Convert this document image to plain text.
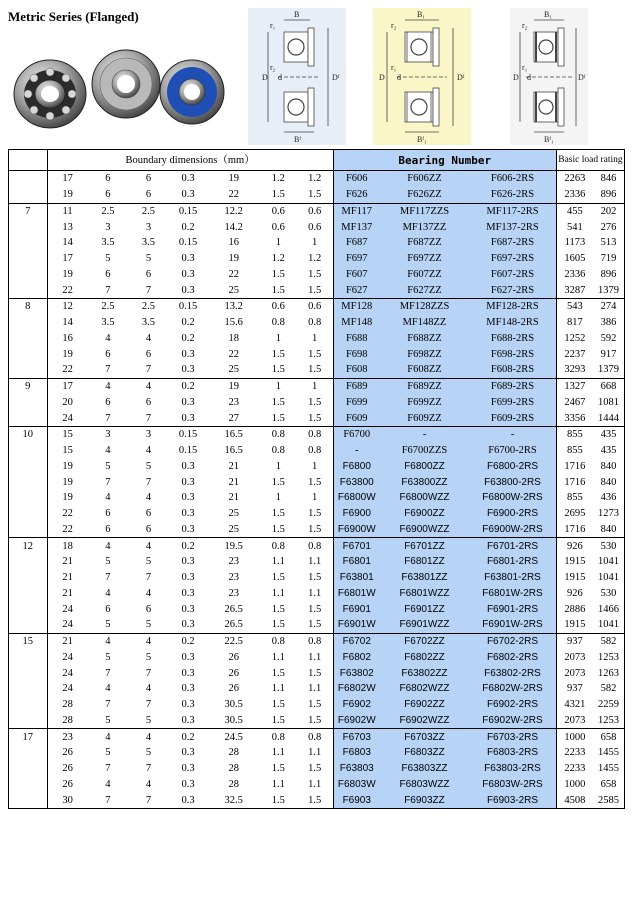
Metric Series (Flanged)	B
r₁
r₂
D d	Dᶠ
Bᶠ
B₁
r₂
r₁
D d	Dᶠ
Bᶠ₁
B₁
r₂
r₁
D d	Dᶠ
Bᶠ₁
	Boundary dimensions（mm）							Bearing Number			Basic load rating	
	17	6	6	0.3	19	1.2	1.2	F606	F606ZZ	F606-2RS	2263	846
	19	6	6	0.3	22	1.5	1.5	F626	F626ZZ	F626-2RS	2336	896
7	11	2.5	2.5	0.15	12.2	0.6	0.6	MF117	MF117ZZS	MF117-2RS	455	202
	13	3	3	0.2	14.2	0.6	0.6	MF137	MF137ZZ	MF137-2RS	541	276
	14	3.5	3.5	0.15	16	1	1	F687	F687ZZ	F687-2RS	1173	513
	17	5	5	0.3	19	1.2	1.2	F697	F697ZZ	F697-2RS	1605	719
	19	6	6	0.3	22	1.5	1.5	F607	F607ZZ	F607-2RS	2336	896
	22	7	7	0.3	25	1.5	1.5	F627	F627ZZ	F627-2RS	3287	1379
8	12	2.5	2.5	0.15	13.2	0.6	0.6	MF128	MF128ZZS	MF128-2RS	543	274
	14	3.5	3.5	0.2	15.6	0.8	0.8	MF148	MF148ZZ	MF148-2RS	817	386
	16	4	4	0.2	18	1	1	F688	F688ZZ	F688-2RS	1252	592
	19	6	6	0.3	22	1.5	1.5	F698	F698ZZ	F698-2RS	2237	917
	22	7	7	0.3	25	1.5	1.5	F608	F608ZZ	F608-2RS	3293	1379
9	17	4	4	0.2	19	1	1	F689	F689ZZ	F689-2RS	1327	668
	20	6	6	0.3	23	1.5	1.5	F699	F699ZZ	F699-2RS	2467	1081
	24	7	7	0.3	27	1.5	1.5	F609	F609ZZ	F609-2RS	3356	1444
10	15	3	3	0.15	16.5	0.8	0.8	F6700	-	-	855	435
	15	4	4	0.15	16.5	0.8	0.8	-	F6700ZZS	F6700-2RS	855	435
	19	5	5	0.3	21	1	1	F6800	F6800ZZ	F6800-2RS	1716	840
	19	7	7	0.3	21	1.5	1.5	F63800	F63800ZZ	F63800-2RS	1716	840
	19	4	4	0.3	21	1	1	F6800W	F6800WZZ	F6800W-2RS	855	436
	22	6	6	0.3	25	1.5	1.5	F6900	F6900ZZ	F6900-2RS	2695	1273
	22	6	6	0.3	25	1.5	1.5	F6900W	F6900WZZ	F6900W-2RS	1716	840
12	18	4	4	0.2	19.5	0.8	0.8	F6701	F6701ZZ	F6701-2RS	926	530
	21	5	5	0.3	23	1.1	1.1	F6801	F6801ZZ	F6801-2RS	1915	1041
	21	7	7	0.3	23	1.5	1.5	F63801	F63801ZZ	F63801-2RS	1915	1041
	21	4	4	0.3	23	1.1	1.1	F6801W	F6801WZZ	F6801W-2RS	926	530
	24	6	6	0.3	26.5	1.5	1.5	F6901	F6901ZZ	F6901-2RS	2886	1466
	24	5	5	0.3	26.5	1.5	1.5	F6901W	F6901WZZ	F6901W-2RS	1915	1041
15	21	4	4	0.2	22.5	0.8	0.8	F6702	F6702ZZ	F6702-2RS	937	582
	24	5	5	0.3	26	1.1	1.1	F6802	F6802ZZ	F6802-2RS	2073	1253
	24	7	7	0.3	26	1.5	1.5	F63802	F63802ZZ	F63802-2RS	2073	1263
	24	4	4	0.3	26	1.1	1.1	F6802W	F6802WZZ	F6802W-2RS	937	582
	28	7	7	0.3	30.5	1.5	1.5	F6902	F6902ZZ	F6902-2RS	4321	2259
	28	5	5	0.3	30.5	1.5	1.5	F6902W	F6902WZZ	F6902W-2RS	2073	1253
17	23	4	4	0.2	24.5	0.8	0.8	F6703	F6703ZZ	F6703-2RS	1000	658
	26	5	5	0.3	28	1.1	1.1	F6803	F6803ZZ	F6803-2RS	2233	1455
	26	7	7	0.3	28	1.5	1.5	F63803	F63803ZZ	F63803-2RS	2233	1455
	26	4	4	0.3	28	1.1	1.1	F6803W	F6803WZZ	F6803W-2RS	1000	658
	30	7	7	0.3	32.5	1.5	1.5	F6903	F6903ZZ	F6903-2RS	4508	2585
